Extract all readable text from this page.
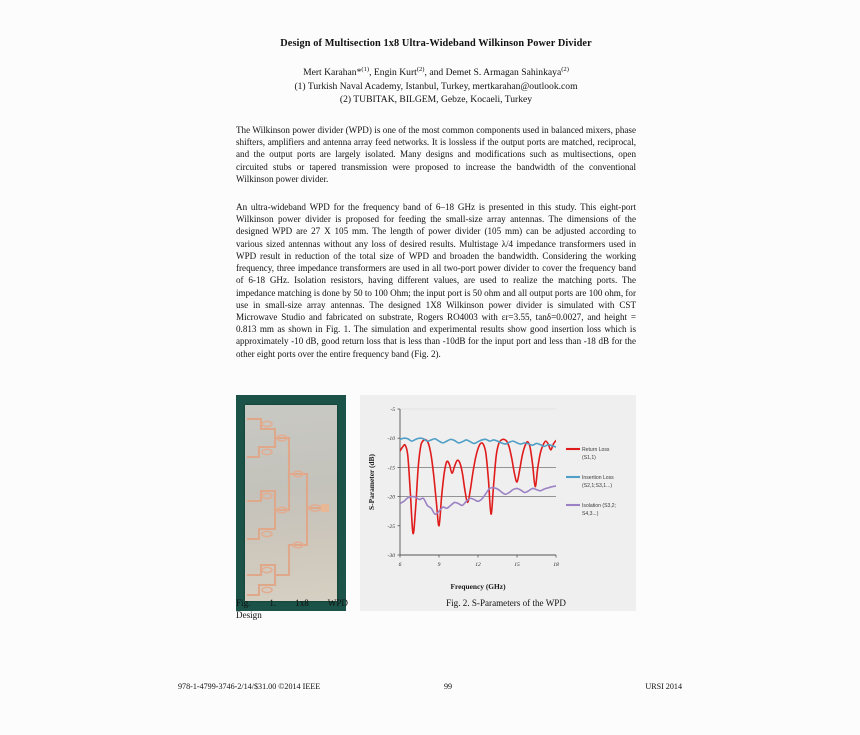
Design of Multisection 1x8 Ultra-Wideband Wilkinson Power Divider
Mert Karahan*$^{(1)}$, Engin Kurt$^{(2)}$, and Demet S. Armagan Sahinkaya$^{(2)}$
(1) Turkish Naval Academy, Istanbul, Turkey, mertkarahan@outlook.com
(2) TUBITAK, BILGEM, Gebze, Kocaeli, Turkey
The Wilkinson power divider (WPD) is one of the most common components used in balanced mixers, phase shifters, amplifiers and antenna array feed networks. It is lossless if the output ports are matched, reciprocal, and the output ports are largely isolated. Many designs and modifications such as multisections, open circuited stubs or tapered transmission were proposed to increase the bandwidth of the conventional Wilkinson power divider.
An ultra-wideband WPD for the frequency band of 6–18 GHz is presented in this study. This eight-port Wilkinson power divider is proposed for feeding the small-size array antennas. The dimensions of the designed WPD are 27 X 105 mm. The length of power divider (105 mm) can be adjusted according to various sized antennas without any loss of desired results. Multistage λ/4 impedance transformers used in WPD result in reduction of the total size of WPD and broaden the bandwidth. Considering the working frequency, three impedance transformers are used in all two-port power divider to cover the frequency band of 6-18 GHz. Isolation resistors, having different values, are used to realize the matching ports. The impedance matching is done by 50 to 100 Ohm; the input port is 50 ohm and all output ports are 100 ohm, for use in small-size array antennas. The designed 1X8 Wilkinson power divider is simulated with CST Microwave Studio and fabricated on substrate, Rogers RO4003 with εr=3.55, tanδ=0.0027, and height = 0.813 mm as shown in Fig. 1. The simulation and experimental results show good insertion loss which is approximately -10 dB, good return loss that is less than -10dB for the input port and less than -18 dB for the other eight ports over the entire frequency band (Fig. 2).
-5
-10
-15
-20
-25
-30
6	9	12	15	18
Frequency (GHz)
S-Parameter (dB)
Return Loss
(S1,1)
Insertion Loss
(S2,1;S3,1...)
Isolation (S3,2;
S4,3...)
Fig. 1. 1x8 WPD
Design
Fig. 2. S-Parameters of the WPD
978-1-4799-3746-2/14/$31.00 ©2014 IEEE	99	URSI 2014
